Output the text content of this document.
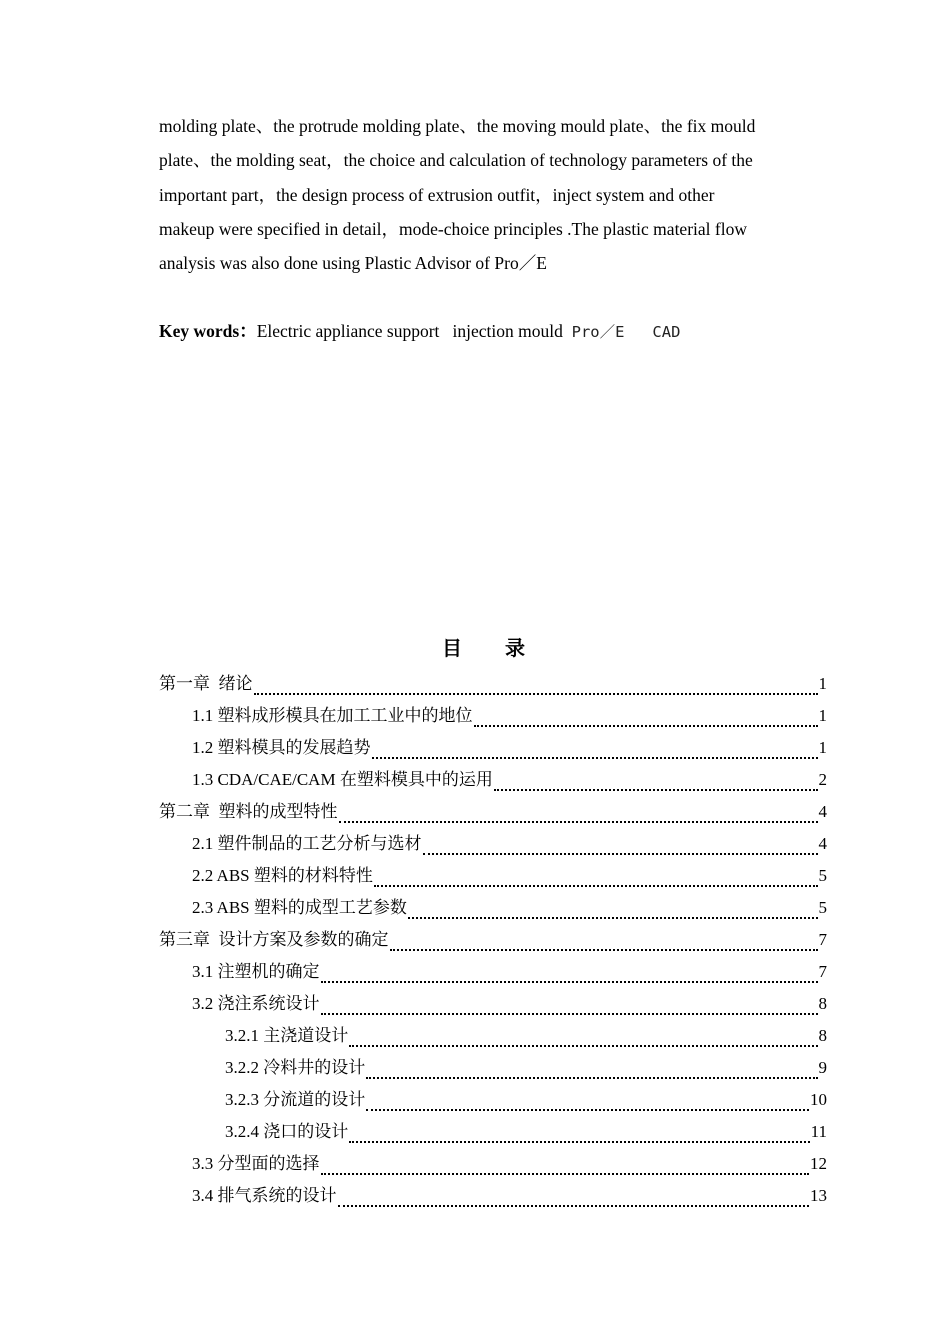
molding plate、the protrude molding plate、the moving mould plate、the fix mould

plate、the molding seat，the choice and calculation of technology parameters of the

important part，the design process of extrusion outfit，inject system and other

makeup were specified in detail，mode-choice principles .The plastic material flow

analysis was also done using Plastic Advisor of Pro／E

Key words：Electric appliance support   injection mould  Pro／E   CAD
目 录
第一章  绪论	1
1.1 塑料成形模具在加工工业中的地位	1
1.2 塑料模具的发展趋势	1
1.3 CDA/CAE/CAM 在塑料模具中的运用	2
第二章  塑料的成型特性	4
2.1 塑件制品的工艺分析与选材	4
2.2 ABS 塑料的材料特性	5
2.3 ABS 塑料的成型工艺参数	5
第三章  设计方案及参数的确定	7
3.1 注塑机的确定	7
3.2 浇注系统设计	8
3.2.1 主浇道设计	8
3.2.2 冷料井的设计	9
3.2.3 分流道的设计	10
3.2.4 浇口的设计	11
3.3 分型面的选择	12
3.4 排气系统的设计	13
